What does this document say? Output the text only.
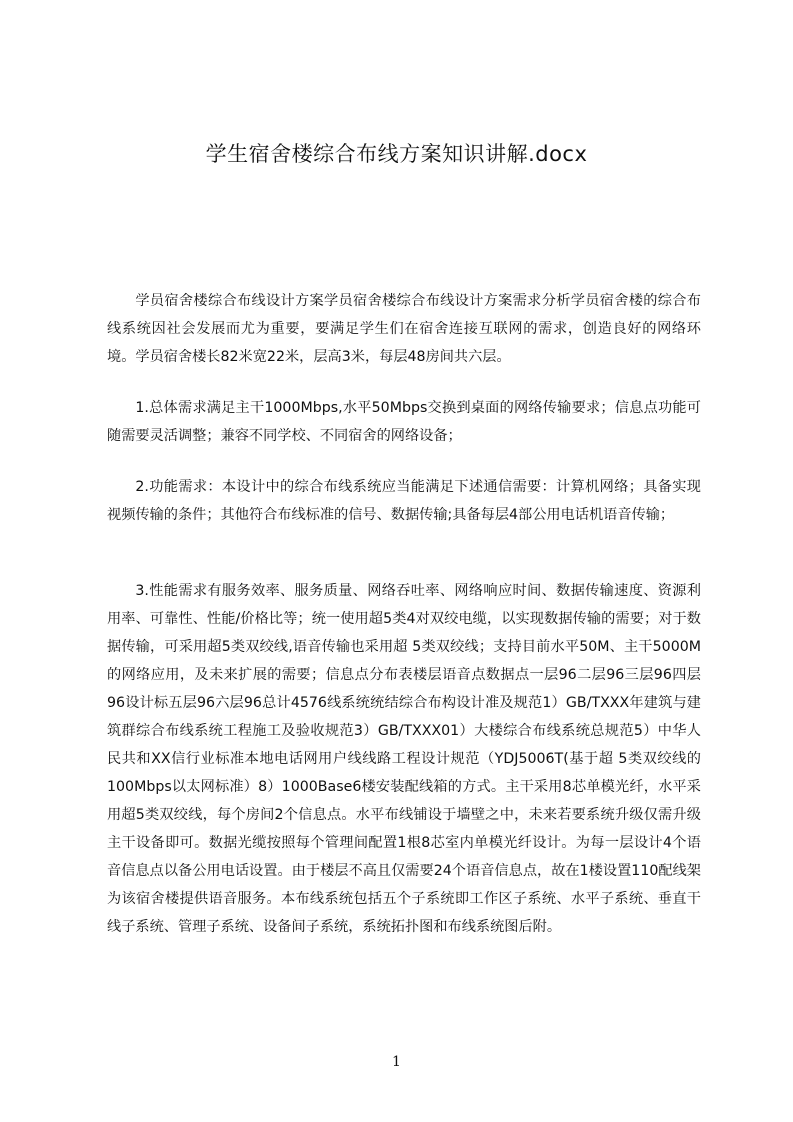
学生宿舍楼综合布线方案知识讲解.docx

学员宿舍楼综合布线设计方案学员宿舍楼综合布线设计方案需求分析学员宿舍楼的综合布线系统因社会发展而尤为重要，要满足学生们在宿舍连接互联网的需求，创造良好的网络环境。学员宿舍楼长82米宽22米，层高3米，每层48房间共六层。

1.总体需求满足主干1000Mbps,水平50Mbps交换到桌面的网络传输要求；信息点功能可随需要灵活调整；兼容不同学校、不同宿舍的网络设备；

2.功能需求：本设计中的综合布线系统应当能满足下述通信需要：计算机网络；具备实现视频传输的条件；其他符合布线标准的信号、数据传输;具备每层4部公用电话机语音传输；

3.性能需求有服务效率、服务质量、网络吞吐率、网络响应时间、数据传输速度、资源利用率、可靠性、性能/价格比等；统一使用超5类4对双绞电缆，以实现数据传输的需要；对于数据传输，可采用超5类双绞线,语音传输也采用超 5类双绞线；支持目前水平50M、主干5000M的网络应用，及未来扩展的需要；信息点分布表楼层语音点数据点一层96二层96三层96四层96设计标五层96六层96总计4576线系统统结综合布构设计准及规范1）GB/TXXX年建筑与建筑群综合布线系统工程施工及验收规范3）GB/TXXX01）大楼综合布线系统总规范5）中华人民共和XX信行业标准本地电话网用户线线路工程设计规范（YDJ5006T(基于超 5类双绞线的100Mbps以太网标准）8）1000Base6楼安装配线箱的方式。主干采用8芯单模光纤，水平采用超5类双绞线，每个房间2个信息点。水平布线铺设于墙壁之中，未来若要系统升级仅需升级主干设备即可。数据光缆按照每个管理间配置1根8芯室内单模光纤设计。为每一层设计4个语音信息点以备公用电话设置。由于楼层不高且仅需要24个语音信息点，故在1楼设置110配线架为该宿舍楼提供语音服务。本布线系统包括五个子系统即工作区子系统、水平子系统、垂直干线子系统、管理子系统、设备间子系统，系统拓扑图和布线系统图后附。

1
